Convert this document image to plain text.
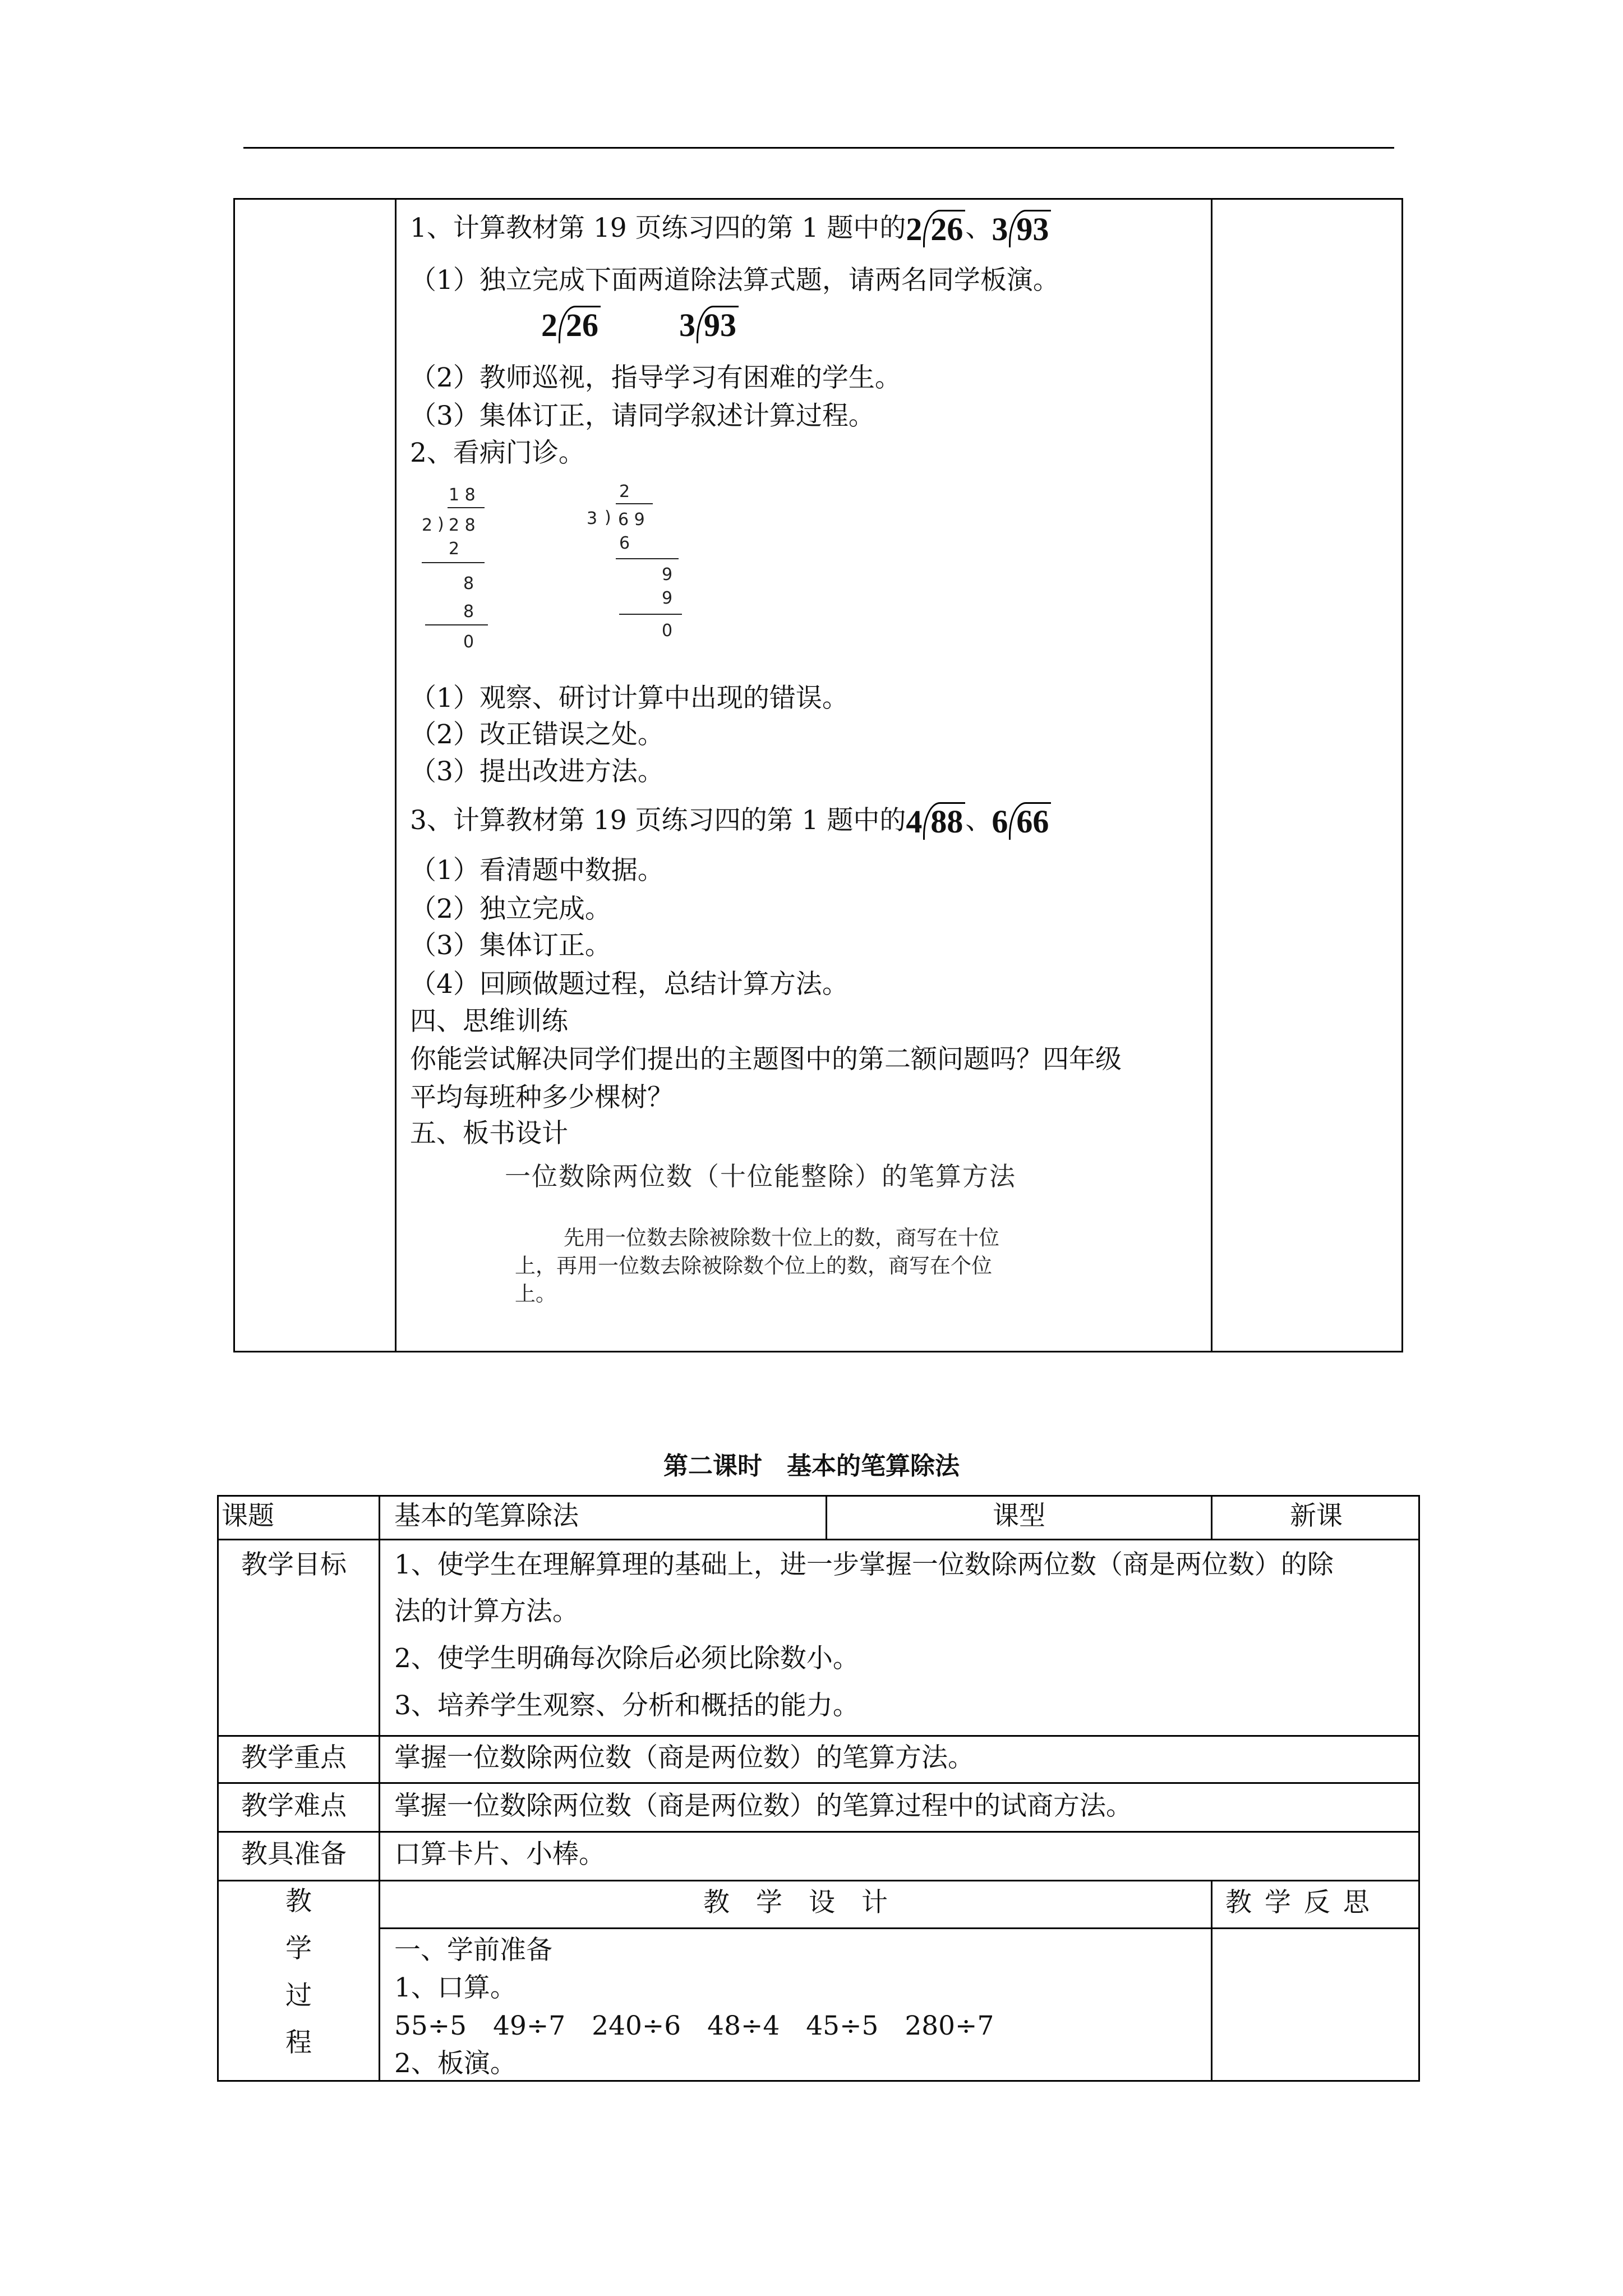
1、计算教材第 19 页练习四的第 1 题中的2 26、3 93
（1）独立完成下面两道除法算式题，请两名同学板演。
2 26 3 93
（2）教师巡视，指导学习有困难的学生。
（3）集体订正，请同学叙述计算过程。
2、看病门诊。
1 8
2 ) 2 8
2
8
8
0
2
3 ) 6 9
6
9
9
0
（1）观察、研讨计算中出现的错误。
（2）改正错误之处。
（3）提出改进方法。
3、计算教材第 19 页练习四的第 1 题中的4 88、6 66
（1）看清题中数据。
（2）独立完成。
（3）集体订正。
（4）回顾做题过程，总结计算方法。
四、思维训练
你能尝试解决同学们提出的主题图中的第二额问题吗？四年级
平均每班种多少棵树？
五、板书设计
一位数除两位数（十位能整除）的笔算方法
先用一位数去除被除数十位上的数，商写在十位
上，再用一位数去除被除数个位上的数，商写在个位
上。
第二课时　基本的笔算除法
课题	基本的笔算除法	课型	新课
教学目标 1、使学生在理解算理的基础上，进一步掌握一位数除两位数（商是两位数）的除
法的计算方法。
2、使学生明确每次除后必须比除数小。
3、培养学生观察、分析和概括的能力。
教学重点 掌握一位数除两位数（商是两位数）的笔算方法。
教学难点 掌握一位数除两位数（商是两位数）的笔算过程中的试商方法。
教具准备 口算卡片、小棒。
教
学
过
程
教　学　设　计	教 学 反 思
一、学前准备
1、口算。
55÷5　49÷7　240÷6　48÷4　45÷5　280÷7
2、板演。
